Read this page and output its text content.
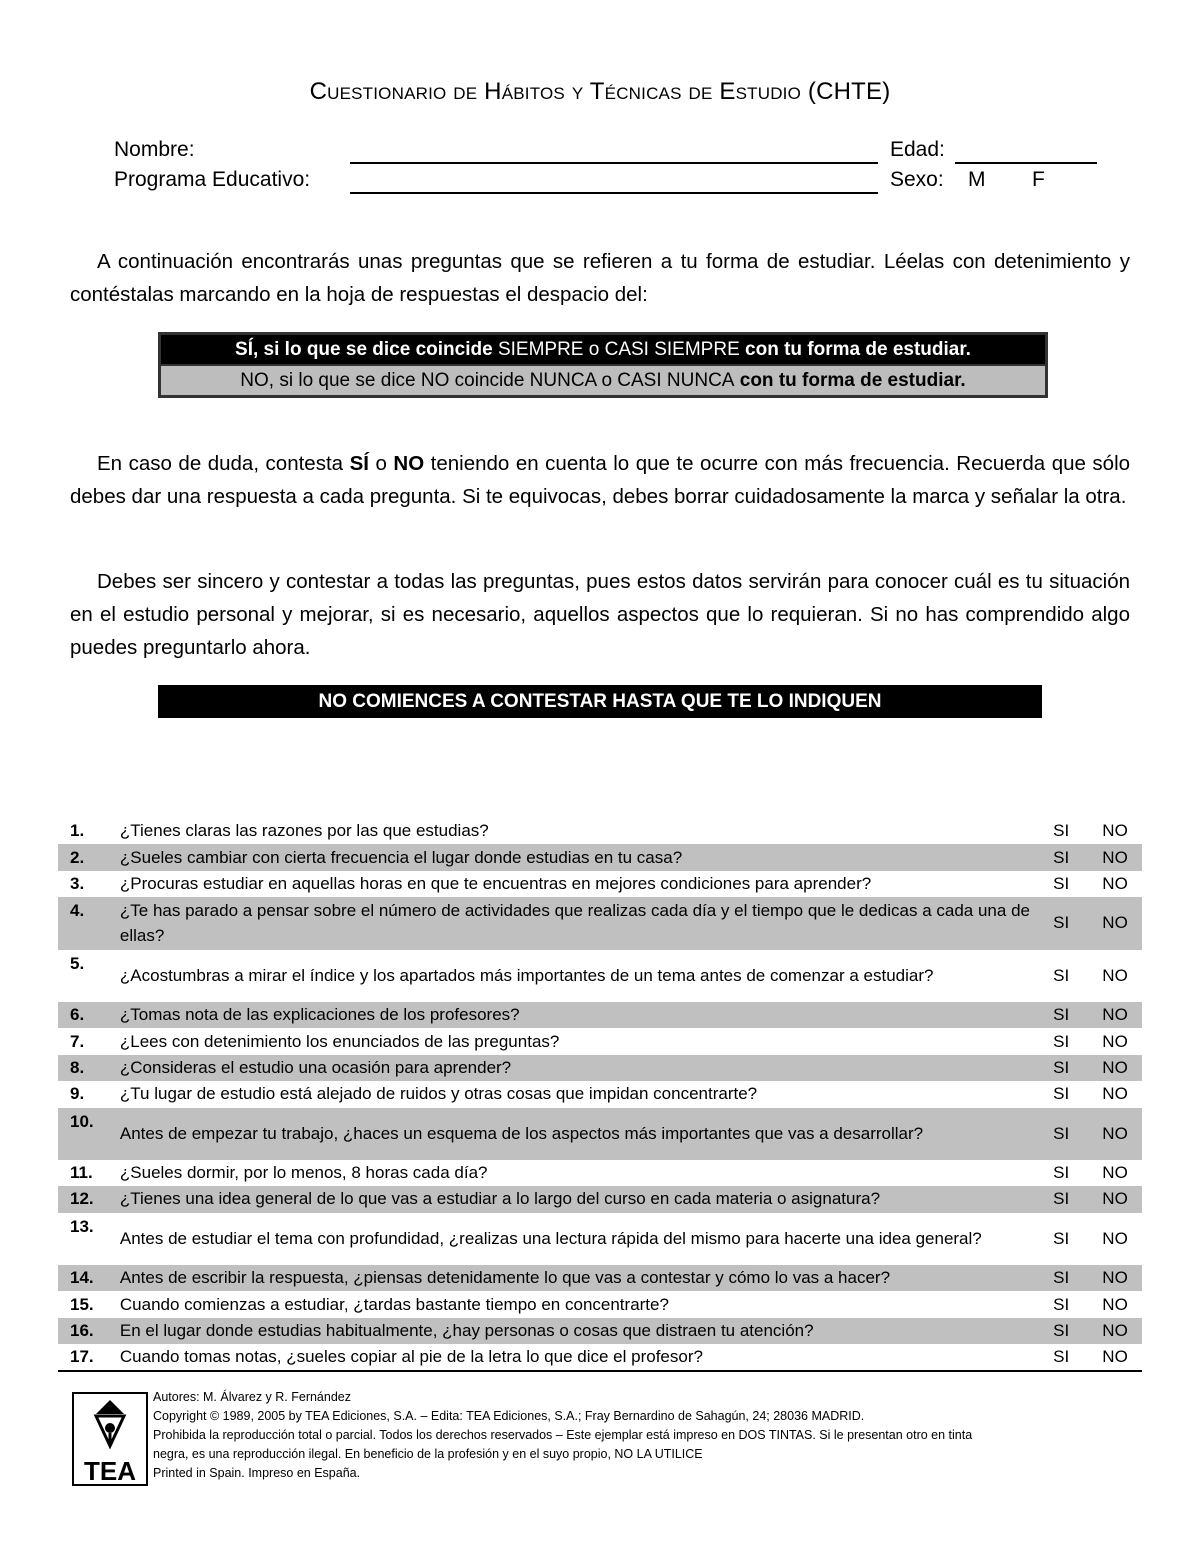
Cuestionario de Hábitos y Técnicas de Estudio (CHTE)
Nombre:
Programa Educativo:
Edad:
Sexo: M F
A continuación encontrarás unas preguntas que se refieren a tu forma de estudiar. Léelas con detenimiento y contéstalas marcando en la hoja de respuestas el despacio del:
SÍ, si lo que se dice coincide SIEMPRE o CASI SIEMPRE con tu forma de estudiar.
NO, si lo que se dice NO coincide NUNCA o CASI NUNCA con tu forma de estudiar.
En caso de duda, contesta SÍ o NO teniendo en cuenta lo que te ocurre con más frecuencia. Recuerda que sólo debes dar una respuesta a cada pregunta. Si te equivocas, debes borrar cuidadosamente la marca y señalar la otra.
Debes ser sincero y contestar a todas las preguntas, pues estos datos servirán para conocer cuál es tu situación en el estudio personal y mejorar, si es necesario, aquellos aspectos que lo requieran. Si no has comprendido algo puedes preguntarlo ahora.
NO COMIENCES A CONTESTAR HASTA QUE TE LO INDIQUEN
1.	¿Tienes claras las razones por las que estudias?	SI	NO
2.	¿Sueles cambiar con cierta frecuencia el lugar donde estudias en tu casa?	SI	NO
3.	¿Procuras estudiar en aquellas horas en que te encuentras en mejores condiciones para aprender?	SI	NO
4.	¿Te has parado a pensar sobre el número de actividades que realizas cada día y el tiempo que le dedicas a cada una de ellas?	SI	NO
5.	¿Acostumbras a mirar el índice y los apartados más importantes de un tema antes de comenzar a estudiar?	SI	NO
6.	¿Tomas nota de las explicaciones de los profesores?	SI	NO
7.	¿Lees con detenimiento los enunciados de las preguntas?	SI	NO
8.	¿Consideras el estudio una ocasión para aprender?	SI	NO
9.	¿Tu lugar de estudio está alejado de ruidos y otras cosas que impidan concentrarte?	SI	NO
10.	Antes de empezar tu trabajo, ¿haces un esquema de los aspectos más importantes que vas a desarrollar?	SI	NO
11.	¿Sueles dormir, por lo menos, 8 horas cada día?	SI	NO
12.	¿Tienes una idea general de lo que vas a estudiar a lo largo del curso en cada materia o asignatura?	SI	NO
13.	Antes de estudiar el tema con profundidad, ¿realizas una lectura rápida del mismo para hacerte una idea general?	SI	NO
14.	Antes de escribir la respuesta, ¿piensas detenidamente lo que vas a contestar y cómo lo vas a hacer?	SI	NO
15.	Cuando comienzas a estudiar, ¿tardas bastante tiempo en concentrarte?	SI	NO
16.	En el lugar donde estudias habitualmente, ¿hay personas o cosas que distraen tu atención?	SI	NO
17.	Cuando tomas notas, ¿sueles copiar al pie de la letra lo que dice el profesor?	SI	NO
TEA
Autores: M. Álvarez y R. Fernández
Copyright © 1989, 2005 by TEA Ediciones, S.A. – Edita: TEA Ediciones, S.A.; Fray Bernardino de Sahagún, 24; 28036 MADRID.
Prohibida la reproducción total o parcial. Todos los derechos reservados – Este ejemplar está impreso en DOS TINTAS. Si le presentan otro en tinta
negra, es una reproducción ilegal. En beneficio de la profesión y en el suyo propio, NO LA UTILICE
Printed in Spain. Impreso en España.
